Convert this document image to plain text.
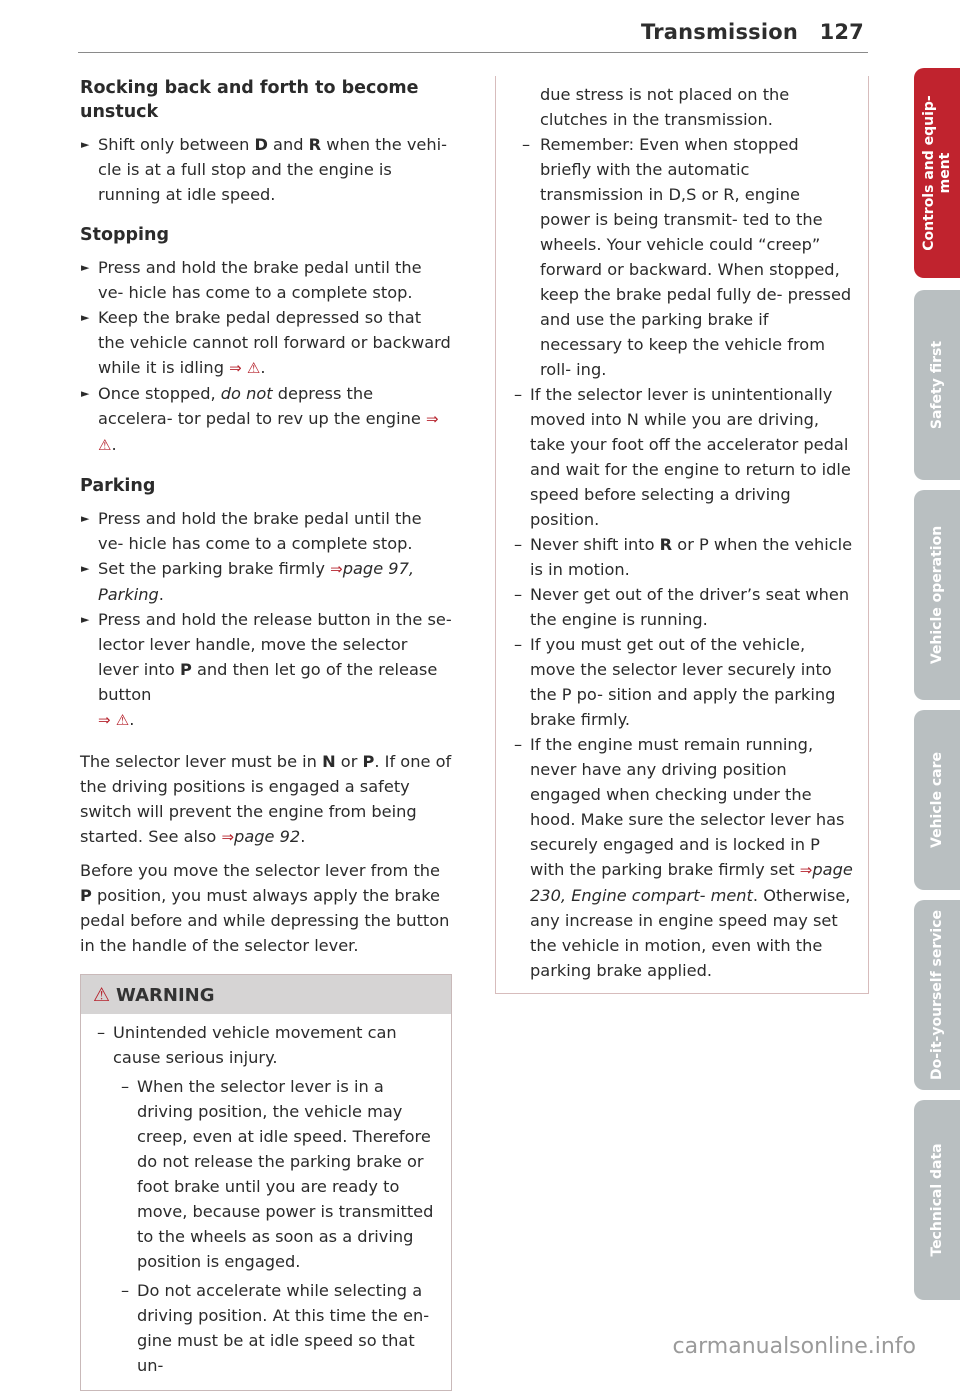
Transmission 127
Rocking back and forth to become unstuck
► Shift only between D and R when the vehi- cle is at a full stop and the engine is running at idle speed.
Stopping
► Press and hold the brake pedal until the ve- hicle has come to a complete stop.
► Keep the brake pedal depressed so that the vehicle cannot roll forward or backward while it is idling ⇒ ⚠.
► Once stopped, do not depress the accelera- tor pedal to rev up the engine ⇒ ⚠.
Parking
► Press and hold the brake pedal until the ve- hicle has come to a complete stop.
► Set the parking brake firmly ⇒page 97, Parking.
► Press and hold the release button in the se- lector lever handle, move the selector lever into P and then let go of the release button
⇒ ⚠.

The selector lever must be in N or P. If one of the driving positions is engaged a safety switch will prevent the engine from being started. See also ⇒page 92.

Before you move the selector lever from the P position, you must always apply the brake pedal before and while depressing the button in the handle of the selector lever.

⚠ WARNING
– Unintended vehicle movement can cause serious injury.
– When the selector lever is in a driving position, the vehicle may creep, even at idle speed. Therefore do not release the parking brake or foot brake until you are ready to move, because power is transmitted to the wheels as soon as a driving position is engaged.
– Do not accelerate while selecting a driving position. At this time the en- gine must be at idle speed so that un-
due stress is not placed on the clutches in the transmission.
– Remember: Even when stopped briefly with the automatic transmission in D,S or R, engine power is being transmit- ted to the wheels. Your vehicle could “creep” forward or backward. When stopped, keep the brake pedal fully de- pressed and use the parking brake if necessary to keep the vehicle from roll- ing.
– If the selector lever is unintentionally moved into N while you are driving, take your foot off the accelerator pedal and wait for the engine to return to idle speed before selecting a driving position.
– Never shift into R or P when the vehicle is in motion.
– Never get out of the driver’s seat when the engine is running.
– If you must get out of the vehicle, move the selector lever securely into the P po- sition and apply the parking brake firmly.
– If the engine must remain running, never have any driving position engaged when checking under the hood. Make sure the selector lever has securely engaged and is locked in P with the parking brake firmly set ⇒page 230, Engine compart- ment. Otherwise, any increase in engine speed may set the vehicle in motion, even with the parking brake applied.
Controls and equip- ment
Safety first
Vehicle operation
Vehicle care
Do-it-yourself service
Technical data
carmanualsonline.info
